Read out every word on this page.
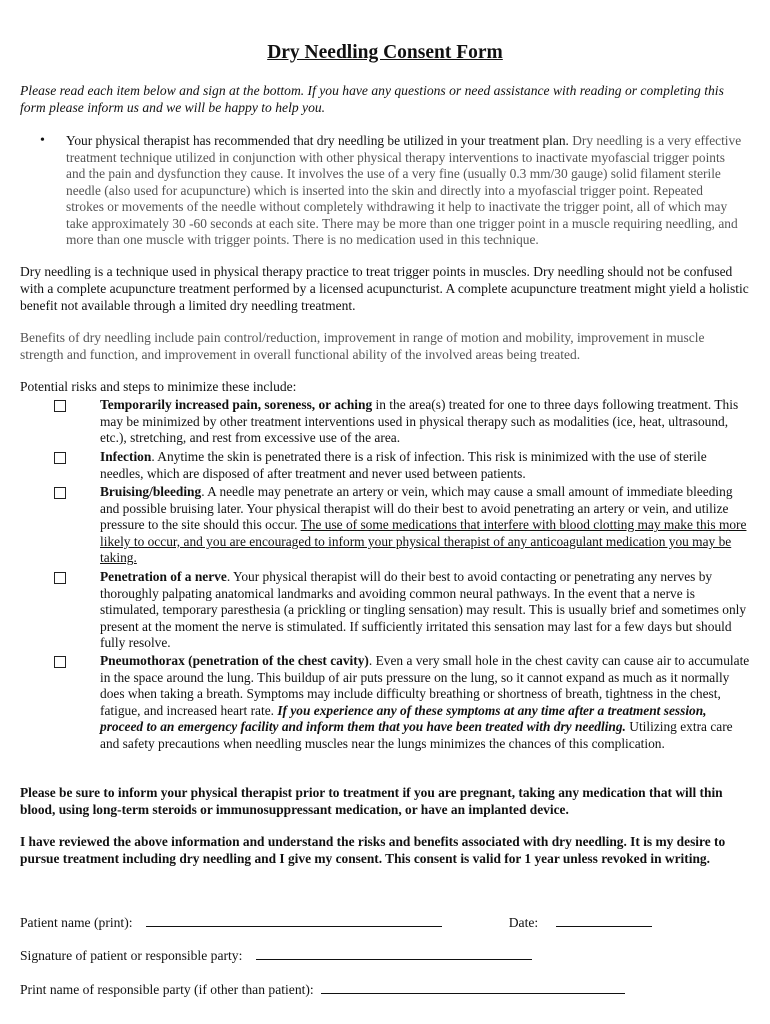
Dry Needling Consent Form

Please read each item below and sign at the bottom. If you have any questions or need assistance with reading or completing this form please inform us and we will be happy to help you.

• Your physical therapist has recommended that dry needling be utilized in your treatment plan. Dry needling is a very effective treatment technique utilized in conjunction with other physical therapy interventions to inactivate myofascial trigger points and the pain and dysfunction they cause. It involves the use of a very fine (usually 0.3 mm/30 gauge) solid filament sterile needle (also used for acupuncture) which is inserted into the skin and directly into a myofascial trigger point. Repeated strokes or movements of the needle without completely withdrawing it help to inactivate the trigger point, all of which may take approximately 30 -60 seconds at each site. There may be more than one trigger point in a muscle requiring needling, and more than one muscle with trigger points. There is no medication used in this technique.

Dry needling is a technique used in physical therapy practice to treat trigger points in muscles. Dry needling should not be confused with a complete acupuncture treatment performed by a licensed acupuncturist. A complete acupuncture treatment might yield a holistic benefit not available through a limited dry needling treatment.

Benefits of dry needling include pain control/reduction, improvement in range of motion and mobility, improvement in muscle strength and function, and improvement in overall functional ability of the involved areas being treated.

Potential risks and steps to minimize these include:

Temporarily increased pain, soreness, or aching in the area(s) treated for one to three days following treatment. This may be minimized by other treatment interventions used in physical therapy such as modalities (ice, heat, ultrasound, etc.), stretching, and rest from excessive use of the area.

Infection. Anytime the skin is penetrated there is a risk of infection. This risk is minimized with the use of sterile needles, which are disposed of after treatment and never used between patients.

Bruising/bleeding. A needle may penetrate an artery or vein, which may cause a small amount of immediate bleeding and possible bruising later. Your physical therapist will do their best to avoid penetrating an artery or vein, and utilize pressure to the site should this occur. The use of some medications that interfere with blood clotting may make this more likely to occur, and you are encouraged to inform your physical therapist of any anticoagulant medication you may be taking.

Penetration of a nerve. Your physical therapist will do their best to avoid contacting or penetrating any nerves by thoroughly palpating anatomical landmarks and avoiding common neural pathways. In the event that a nerve is stimulated, temporary paresthesia (a prickling or tingling sensation) may result. This is usually brief and sometimes only present at the moment the nerve is stimulated. If sufficiently irritated this sensation may last for a few days but should fully resolve.

Pneumothorax (penetration of the chest cavity). Even a very small hole in the chest cavity can cause air to accumulate in the space around the lung. This buildup of air puts pressure on the lung, so it cannot expand as much as it normally does when taking a breath. Symptoms may include difficulty breathing or shortness of breath, tightness in the chest, fatigue, and increased heart rate. If you experience any of these symptoms at any time after a treatment session, proceed to an emergency facility and inform them that you have been treated with dry needling. Utilizing extra care and safety precautions when needling muscles near the lungs minimizes the chances of this complication.

Please be sure to inform your physical therapist prior to treatment if you are pregnant, taking any medication that will thin blood, using long-term steroids or immunosuppressant medication, or have an implanted device.

I have reviewed the above information and understand the risks and benefits associated with dry needling. It is my desire to pursue treatment including dry needling and I give my consent. This consent is valid for 1 year unless revoked in writing.

Patient name (print):	Date:
Signature of patient or responsible party:
Print name of responsible party (if other than patient):
